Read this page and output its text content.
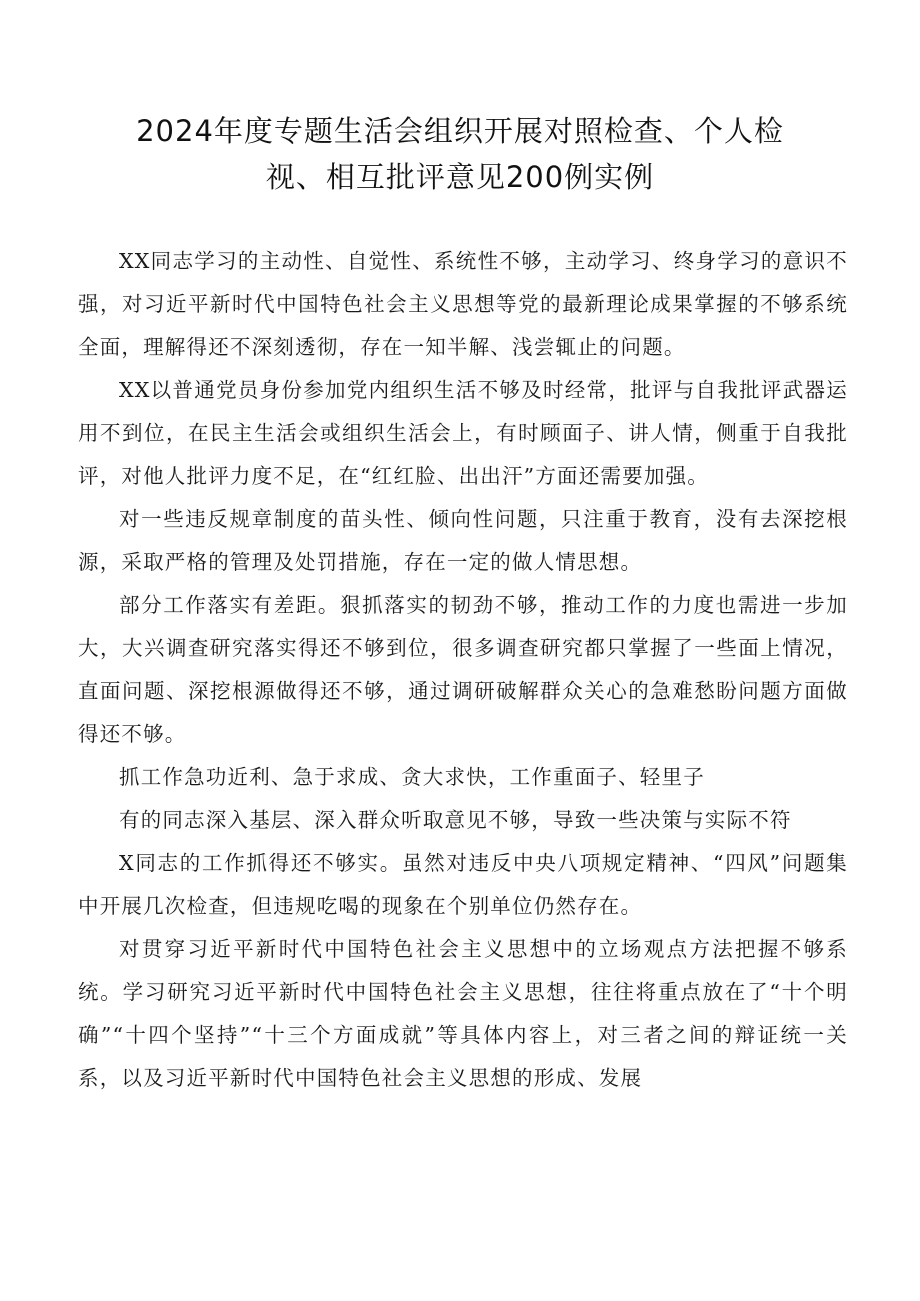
2024年度专题生活会组织开展对照检查、个人检
视、相互批评意见200例实例

XX同志学习的主动性、自觉性、系统性不够，主动学习、终身学习的意识不强，对习近平新时代中国特色社会主义思想等党的最新理论成果掌握的不够系统全面，理解得还不深刻透彻，存在一知半解、浅尝辄止的问题。

XX以普通党员身份参加党内组织生活不够及时经常，批评与自我批评武器运用不到位，在民主生活会或组织生活会上，有时顾面子、讲人情，侧重于自我批评，对他人批评力度不足，在“红红脸、出出汗”方面还需要加强。

对一些违反规章制度的苗头性、倾向性问题，只注重于教育，没有去深挖根源，采取严格的管理及处罚措施，存在一定的做人情思想。

部分工作落实有差距。狠抓落实的韧劲不够，推动工作的力度也需进一步加大，大兴调查研究落实得还不够到位，很多调查研究都只掌握了一些面上情况，直面问题、深挖根源做得还不够，通过调研破解群众关心的急难愁盼问题方面做得还不够。

抓工作急功近利、急于求成、贪大求快，工作重面子、轻里子

有的同志深入基层、深入群众听取意见不够，导致一些决策与实际不符

X同志的工作抓得还不够实。虽然对违反中央八项规定精神、“四风”问题集中开展几次检查，但违规吃喝的现象在个别单位仍然存在。

对贯穿习近平新时代中国特色社会主义思想中的立场观点方法把握不够系统。学习研究习近平新时代中国特色社会主义思想，往往将重点放在了“十个明确”“十四个坚持”“十三个方面成就”等具体内容上，对三者之间的辩证统一关系，以及习近平新时代中国特色社会主义思想的形成、发展
